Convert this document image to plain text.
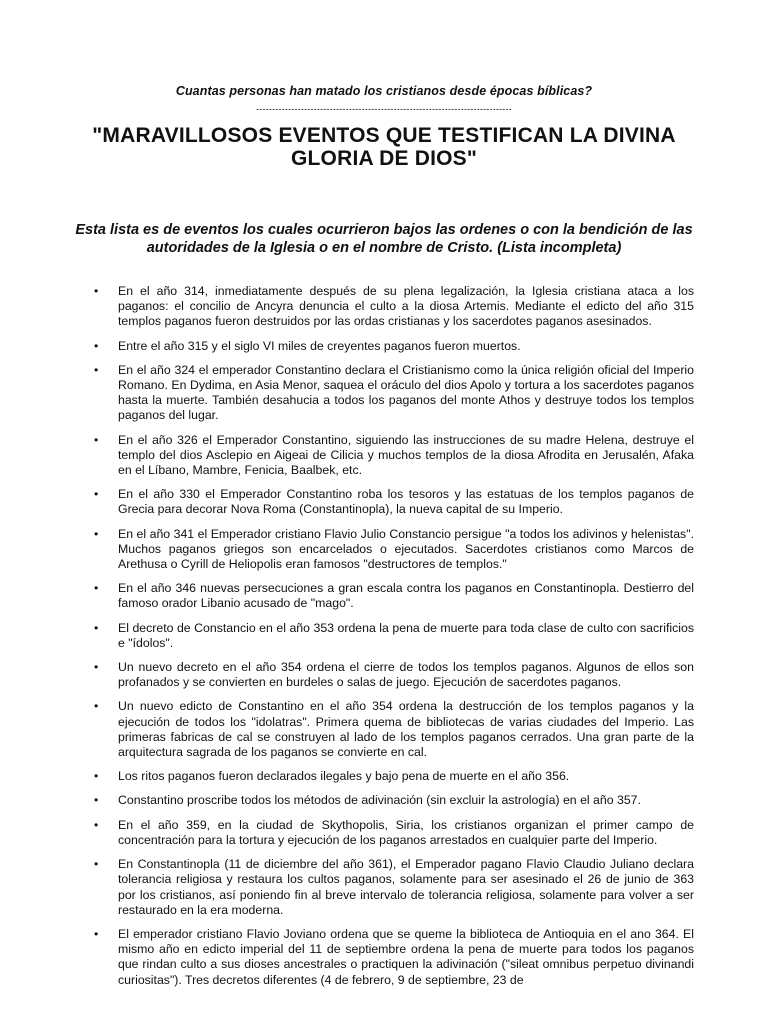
Cuantas personas han matado los cristianos desde épocas bíblicas?
--------------------------------------------------------------------------------
"MARAVILLOSOS EVENTOS QUE TESTIFICAN LA DIVINA GLORIA DE DIOS"
Esta lista es de eventos los cuales ocurrieron bajos las ordenes o con la bendición de las autoridades de la Iglesia o en el nombre de Cristo. (Lista incompleta)
• En el año 314, inmediatamente después de su plena legalización, la Iglesia cristiana ataca a los paganos: el concilio de Ancyra denuncia el culto a la diosa Artemis. Mediante el edicto del año 315 templos paganos fueron destruidos por las ordas cristianas y los sacerdotes paganos asesinados.
• Entre el año 315 y el siglo VI miles de creyentes paganos fueron muertos.
• En el año 324 el emperador Constantino declara el Cristianismo como la única religión oficial del Imperio Romano. En Dydima, en Asia Menor, saquea el oráculo del dios Apolo y tortura a los sacerdotes paganos hasta la muerte. También desahucia a todos los paganos del monte Athos y destruye todos los templos paganos del lugar.
• En el año 326 el Emperador Constantino, siguiendo las instrucciones de su madre Helena, destruye el templo del dios Asclepio en Aigeai de Cilicia y muchos templos de la diosa Afrodita en Jerusalén, Afaka en el Líbano, Mambre, Fenicia, Baalbek, etc.
• En el año 330 el Emperador Constantino roba los tesoros y las estatuas de los templos paganos de Grecia para decorar Nova Roma (Constantinopla), la nueva capital de su Imperio.
• En el año 341 el Emperador cristiano Flavio Julio Constancio persigue "a todos los adivinos y helenistas". Muchos paganos griegos son encarcelados o ejecutados. Sacerdotes cristianos como Marcos de Arethusa o Cyrill de Heliopolis eran famosos "destructores de templos."
• En el año 346 nuevas persecuciones a gran escala contra los paganos en Constantinopla. Destierro del famoso orador Libanio acusado de "mago".
• El decreto de Constancio en el año 353 ordena la pena de muerte para toda clase de culto con sacrificios e "ídolos".
• Un nuevo decreto en el año 354 ordena el cierre de todos los templos paganos. Algunos de ellos son profanados y se convierten en burdeles o salas de juego. Ejecución de sacerdotes paganos.
• Un nuevo edicto de Constantino en el año 354 ordena la destrucción de los templos paganos y la ejecución de todos los "idolatras". Primera quema de bibliotecas de varias ciudades del Imperio. Las primeras fabricas de cal se construyen al lado de los templos paganos cerrados. Una gran parte de la arquitectura sagrada de los paganos se convierte en cal.
• Los ritos paganos fueron declarados ilegales y bajo pena de muerte en el año 356.
• Constantino proscribe todos los métodos de adivinación (sin excluir la astrología) en el año 357.
• En el año 359, en la ciudad de Skythopolis, Siria, los cristianos organizan el primer campo de concentración para la tortura y ejecución de los paganos arrestados en cualquier parte del Imperio.
• En Constantinopla (11 de diciembre del año 361), el Emperador pagano Flavio Claudio Juliano declara tolerancia religiosa y restaura los cultos paganos, solamente para ser asesinado el 26 de junio de 363 por los cristianos, así poniendo fin al breve intervalo de tolerancia religiosa, solamente para volver a ser restaurado en la era moderna.
• El emperador cristiano Flavio Joviano ordena que se queme la biblioteca de Antioquia en el ano 364. El mismo año en edicto imperial del 11 de septiembre ordena la pena de muerte para todos los paganos que rindan culto a sus dioses ancestrales o practiquen la adivinación ("sileat omnibus perpetuo divinandi curiositas"). Tres decretos diferentes (4 de febrero, 9 de septiembre, 23 de
